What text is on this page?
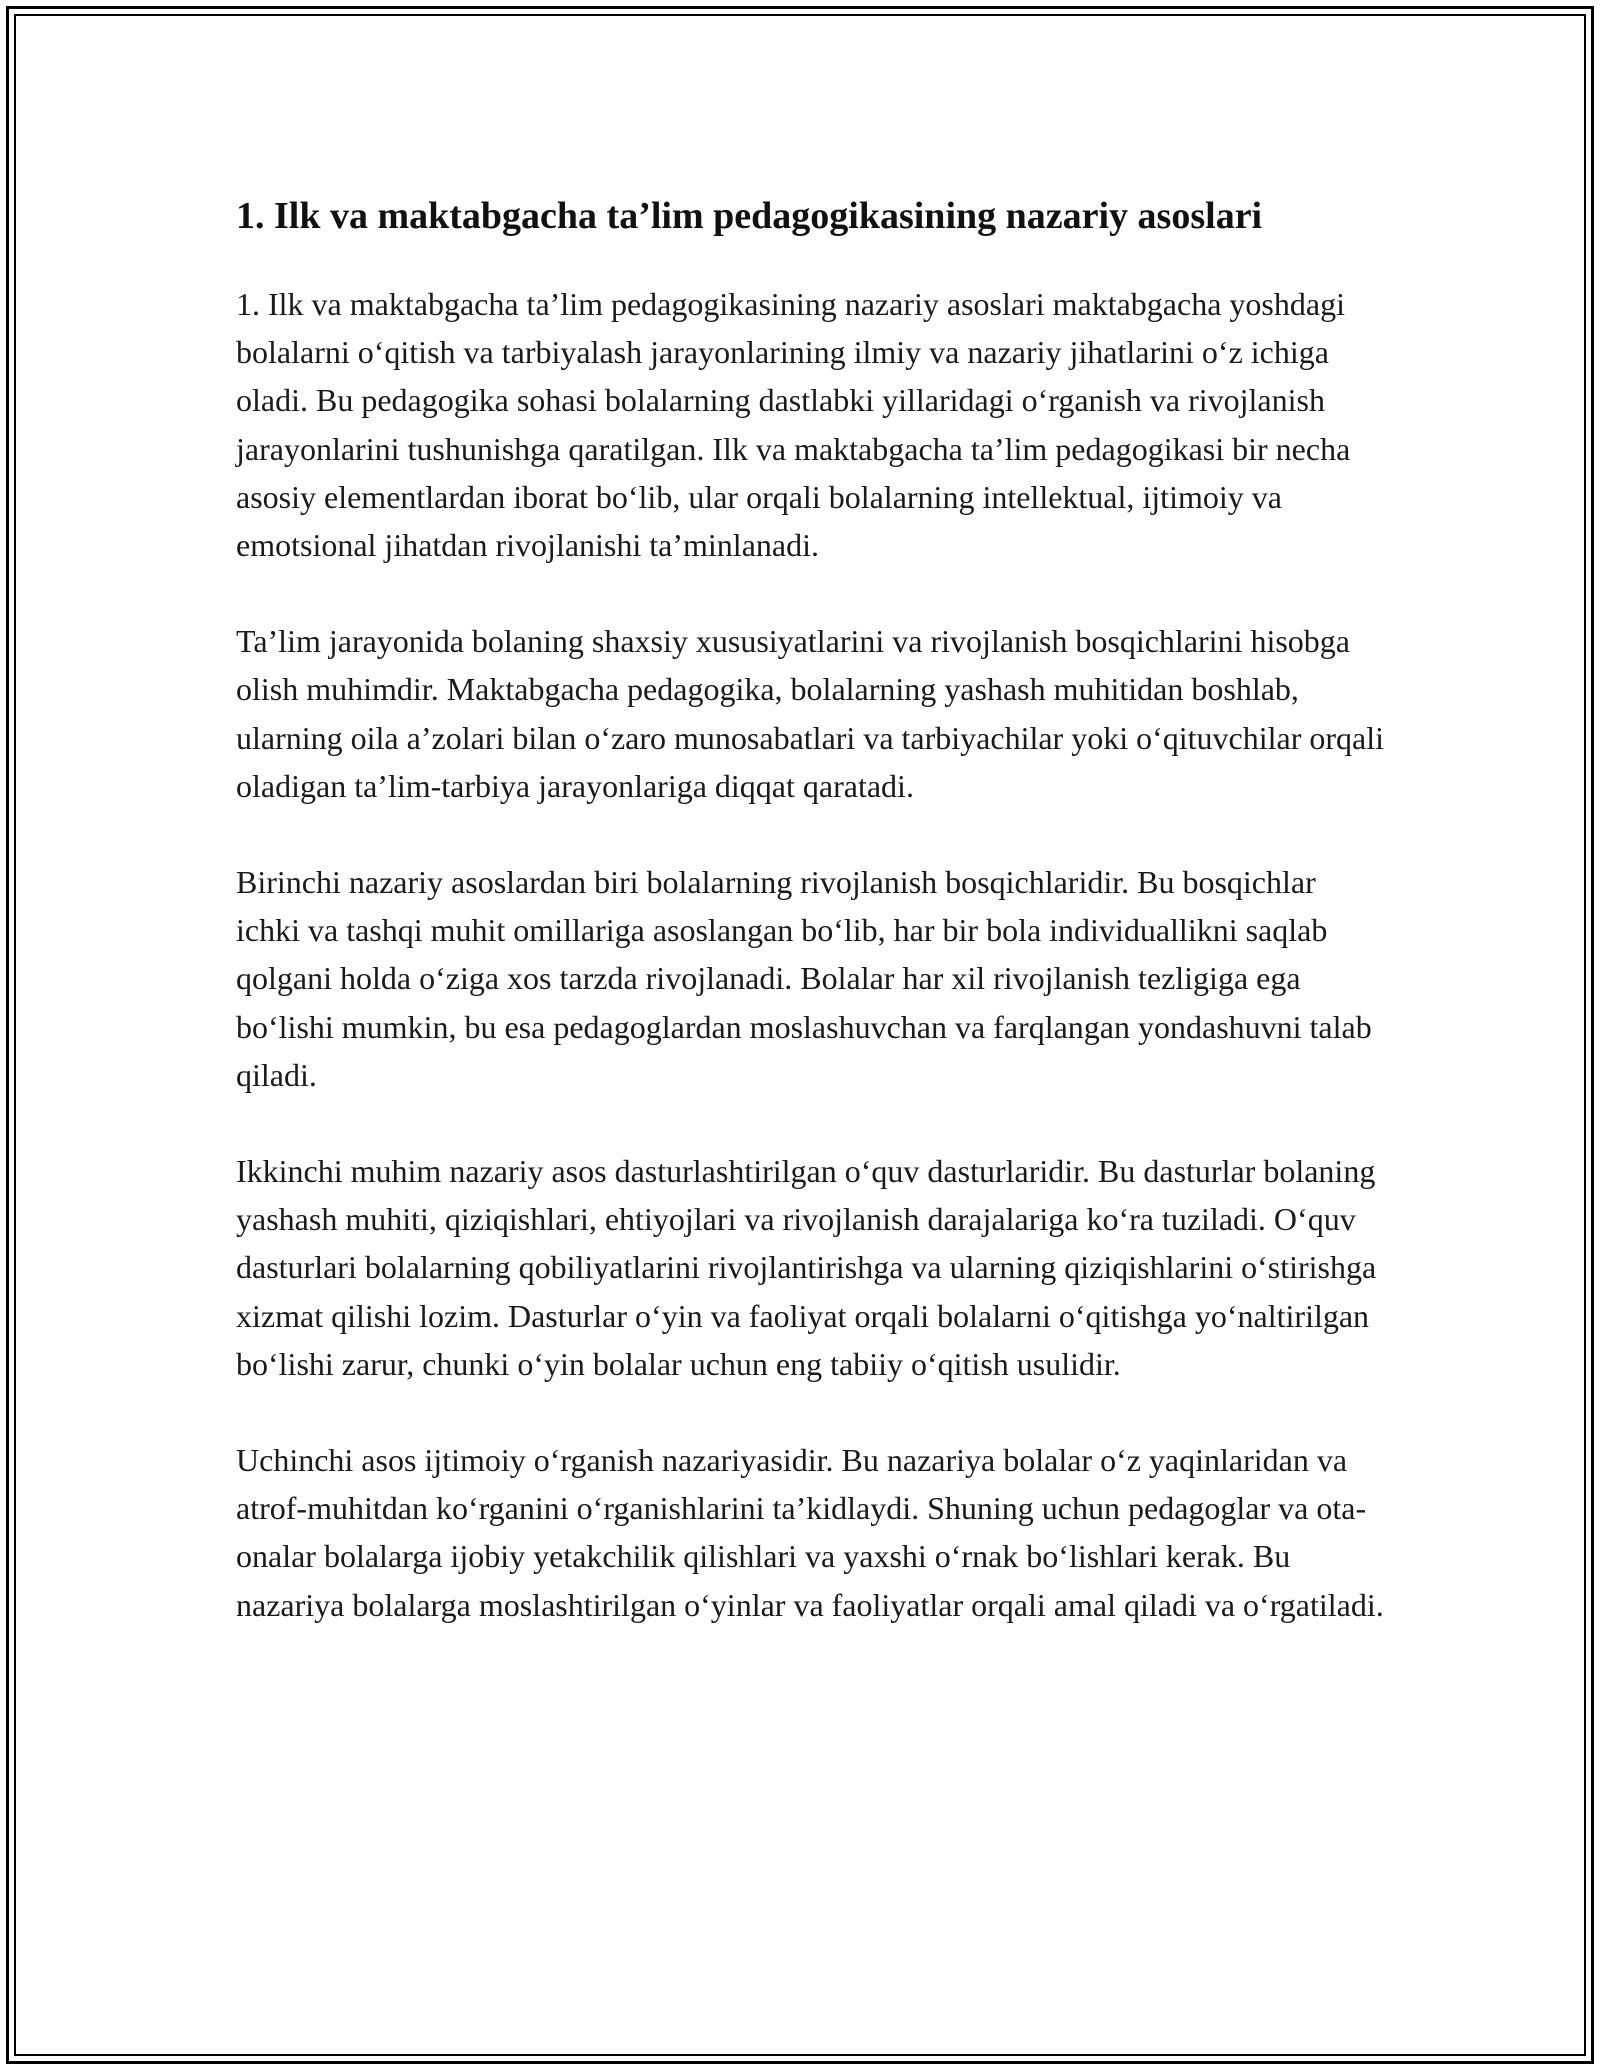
1. Ilk va maktabgacha ta’lim pedagogikasining nazariy asoslari

1. Ilk va maktabgacha ta’lim pedagogikasining nazariy asoslari maktabgacha yoshdagi bolalarni o‘qitish va tarbiyalash jarayonlarining ilmiy va nazariy jihatlarini o‘z ichiga oladi. Bu pedagogika sohasi bolalarning dastlabki yillaridagi o‘rganish va rivojlanish jarayonlarini tushunishga qaratilgan. Ilk va maktabgacha ta’lim pedagogikasi bir necha asosiy elementlardan iborat bo‘lib, ular orqali bolalarning intellektual, ijtimoiy va emotsional jihatdan rivojlanishi ta’minlanadi.

Ta’lim jarayonida bolaning shaxsiy xususiyatlarini va rivojlanish bosqichlarini hisobga olish muhimdir. Maktabgacha pedagogika, bolalarning yashash muhitidan boshlab, ularning oila a’zolari bilan o‘zaro munosabatlari va tarbiyachilar yoki o‘qituvchilar orqali oladigan ta’lim-tarbiya jarayonlariga diqqat qaratadi.

Birinchi nazariy asoslardan biri bolalarning rivojlanish bosqichlaridir. Bu bosqichlar ichki va tashqi muhit omillariga asoslangan bo‘lib, har bir bola individuallikni saqlab qolgani holda o‘ziga xos tarzda rivojlanadi. Bolalar har xil rivojlanish tezligiga ega bo‘lishi mumkin, bu esa pedagoglardan moslashuvchan va farqlangan yondashuvni talab qiladi.

Ikkinchi muhim nazariy asos dasturlashtirilgan o‘quv dasturlaridir. Bu dasturlar bolaning yashash muhiti, qiziqishlari, ehtiyojlari va rivojlanish darajalariga ko‘ra tuziladi. O‘quv dasturlari bolalarning qobiliyatlarini rivojlantirishga va ularning qiziqishlarini o‘stirishga xizmat qilishi lozim. Dasturlar o‘yin va faoliyat orqali bolalarni o‘qitishga yo‘naltirilgan bo‘lishi zarur, chunki o‘yin bolalar uchun eng tabiiy o‘qitish usulidir.

Uchinchi asos ijtimoiy o‘rganish nazariyasidir. Bu nazariya bolalar o‘z yaqinlaridan va atrof-muhitdan ko‘rganini o‘rganishlarini ta’kidlaydi. Shuning uchun pedagoglar va ota-onalar bolalarga ijobiy yetakchilik qilishlari va yaxshi o‘rnak bo‘lishlari kerak. Bu nazariya bolalarga moslashtirilgan o‘yinlar va faoliyatlar orqali amal qiladi va o‘rgatiladi.
